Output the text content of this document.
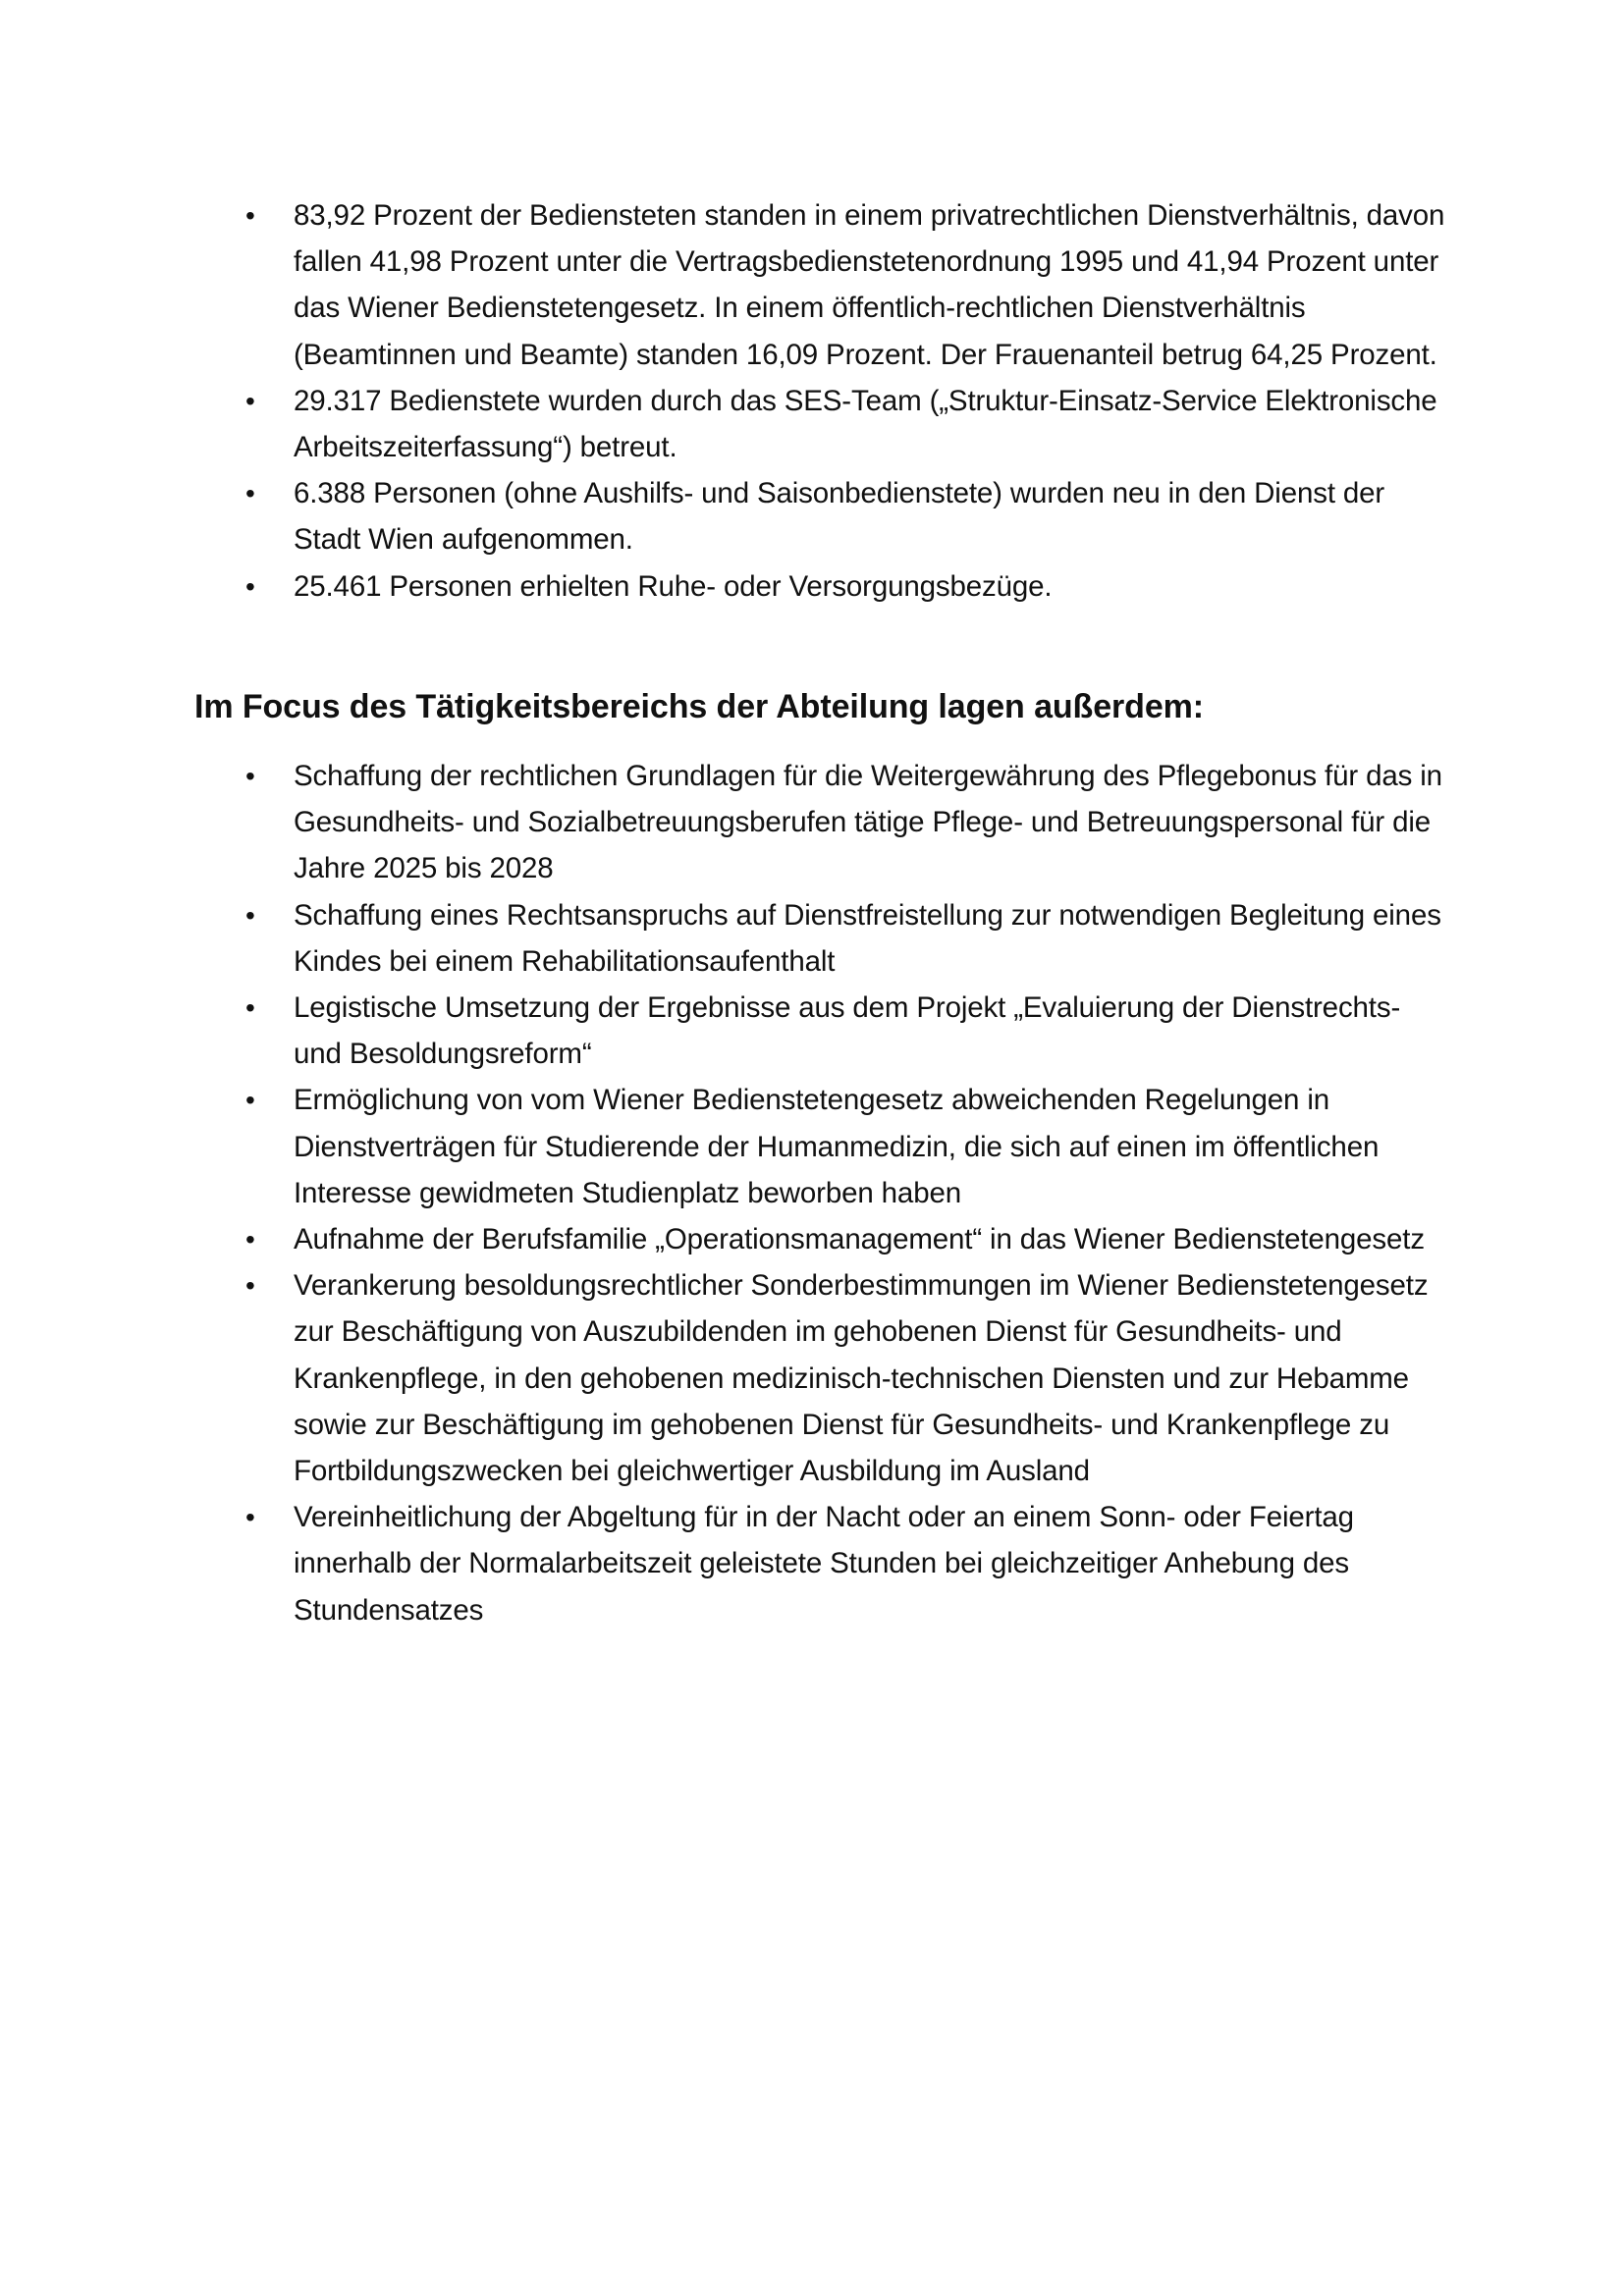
•	83,92 Prozent der Bediensteten standen in einem privatrechtlichen Dienstverhältnis, davon fallen 41,98 Prozent unter die Vertragsbedienstetenordnung 1995 und 41,94 Prozent unter das Wiener Bedienstetengesetz. In einem öffentlich-rechtlichen Dienstverhältnis (Beamtinnen und Beamte) standen 16,09 Prozent. Der Frauenanteil betrug 64,25 Prozent.
•	29.317 Bedienstete wurden durch das SES-Team („Struktur-Einsatz-Service Elektronische Arbeitszeiterfassung“) betreut.
•	6.388 Personen (ohne Aushilfs- und Saisonbedienstete) wurden neu in den Dienst der Stadt Wien aufgenommen.
•	25.461 Personen erhielten Ruhe- oder Versorgungsbezüge.
Im Focus des Tätigkeitsbereichs der Abteilung lagen außerdem:
•	Schaffung der rechtlichen Grundlagen für die Weitergewährung des Pflegebonus für das in Gesundheits- und Sozialbetreuungsberufen tätige Pflege- und Betreuungspersonal für die Jahre 2025 bis 2028
•	Schaffung eines Rechtsanspruchs auf Dienstfreistellung zur notwendigen Begleitung eines Kindes bei einem Rehabilitationsaufenthalt
•	Legistische Umsetzung der Ergebnisse aus dem Projekt „Evaluierung der Dienstrechts- und Besoldungsreform“
•	Ermöglichung von vom Wiener Bedienstetengesetz abweichenden Regelungen in Dienstverträgen für Studierende der Humanmedizin, die sich auf einen im öffentlichen Interesse gewidmeten Studienplatz beworben haben
•	Aufnahme der Berufsfamilie „Operationsmanagement“ in das Wiener Bedienstetengesetz
•	Verankerung besoldungsrechtlicher Sonderbestimmungen im Wiener Bedienstetengesetz zur Beschäftigung von Auszubildenden im gehobenen Dienst für Gesundheits- und Krankenpflege, in den gehobenen medizinisch-technischen Diensten und zur Hebamme sowie zur Beschäftigung im gehobenen Dienst für Gesundheits- und Krankenpflege zu Fortbildungszwecken bei gleichwertiger Ausbildung im Ausland
•	Vereinheitlichung der Abgeltung für in der Nacht oder an einem Sonn- oder Feiertag innerhalb der Normalarbeitszeit geleistete Stunden bei gleichzeitiger Anhebung des Stundensatzes
